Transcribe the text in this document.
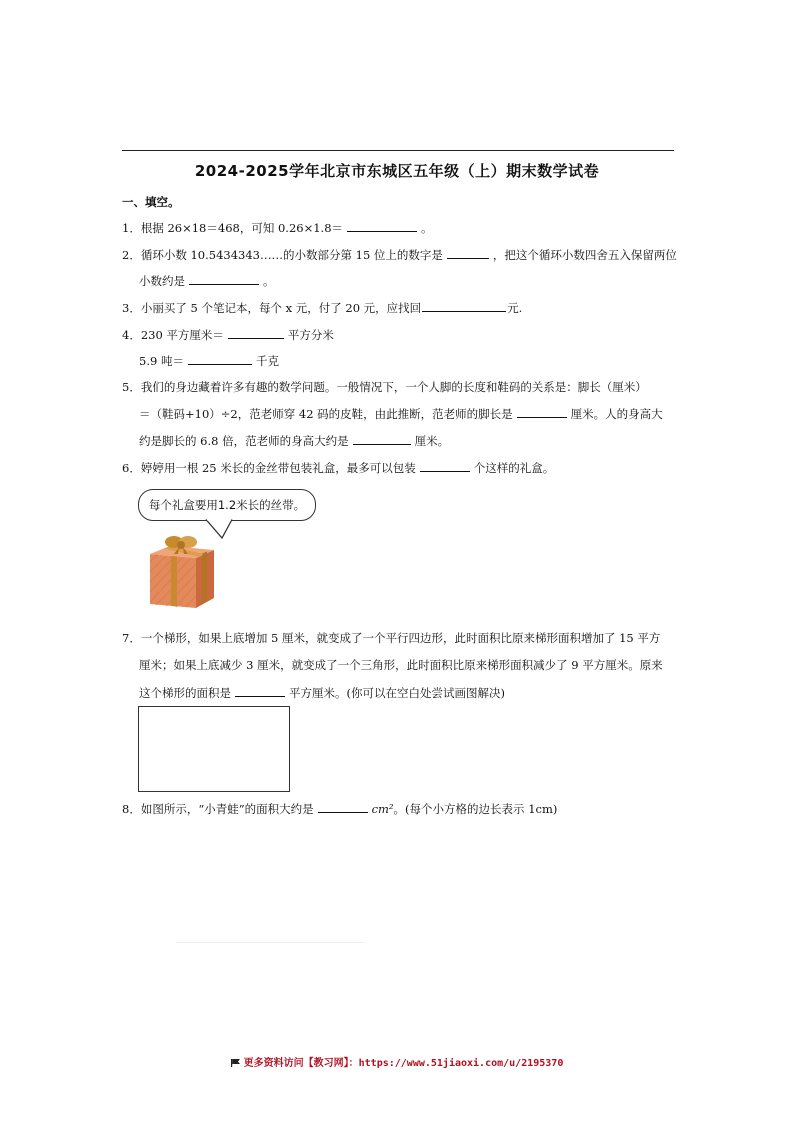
2024-2025学年北京市东城区五年级（上）期末数学试卷
一、填空。
1．根据 26×18＝468，可知 0.26×1.8＝	。
2．循环小数 10.5434343……的小数部分第 15 位上的数字是	，把这个循环小数四舍五入保留两位
小数约是	。
3．小丽买了 5 个笔记本，每个 x 元，付了 20 元，应找回	元.
4．230 平方厘米＝	平方分米
5.9 吨＝	千克
5．我们的身边藏着许多有趣的数学问题。一般情况下，一个人脚的长度和鞋码的关系是：脚长（厘米）
＝（鞋码+10）÷2，范老师穿 42 码的皮鞋，由此推断，范老师的脚长是	厘米。人的身高大
约是脚长的 6.8 倍，范老师的身高大约是	厘米。
6．婷婷用一根 25 米长的金丝带包装礼盒，最多可以包装	个这样的礼盒。
每个礼盒要用1.2米长的丝带。
7．一个梯形，如果上底增加 5 厘米，就变成了一个平行四边形，此时面积比原来梯形面积增加了 15 平方
厘米；如果上底减少 3 厘米，就变成了一个三角形，此时面积比原来梯形面积减少了 9 平方厘米。原来
这个梯形的面积是	平方厘米。(你可以在空白处尝试画图解决)
8．如图所示，“小青蛙”的面积大约是	cm²。(每个小方格的边长表示 1cm)
更多资料访问【教习网】：https://www.51jiaoxi.com/u/2195370
